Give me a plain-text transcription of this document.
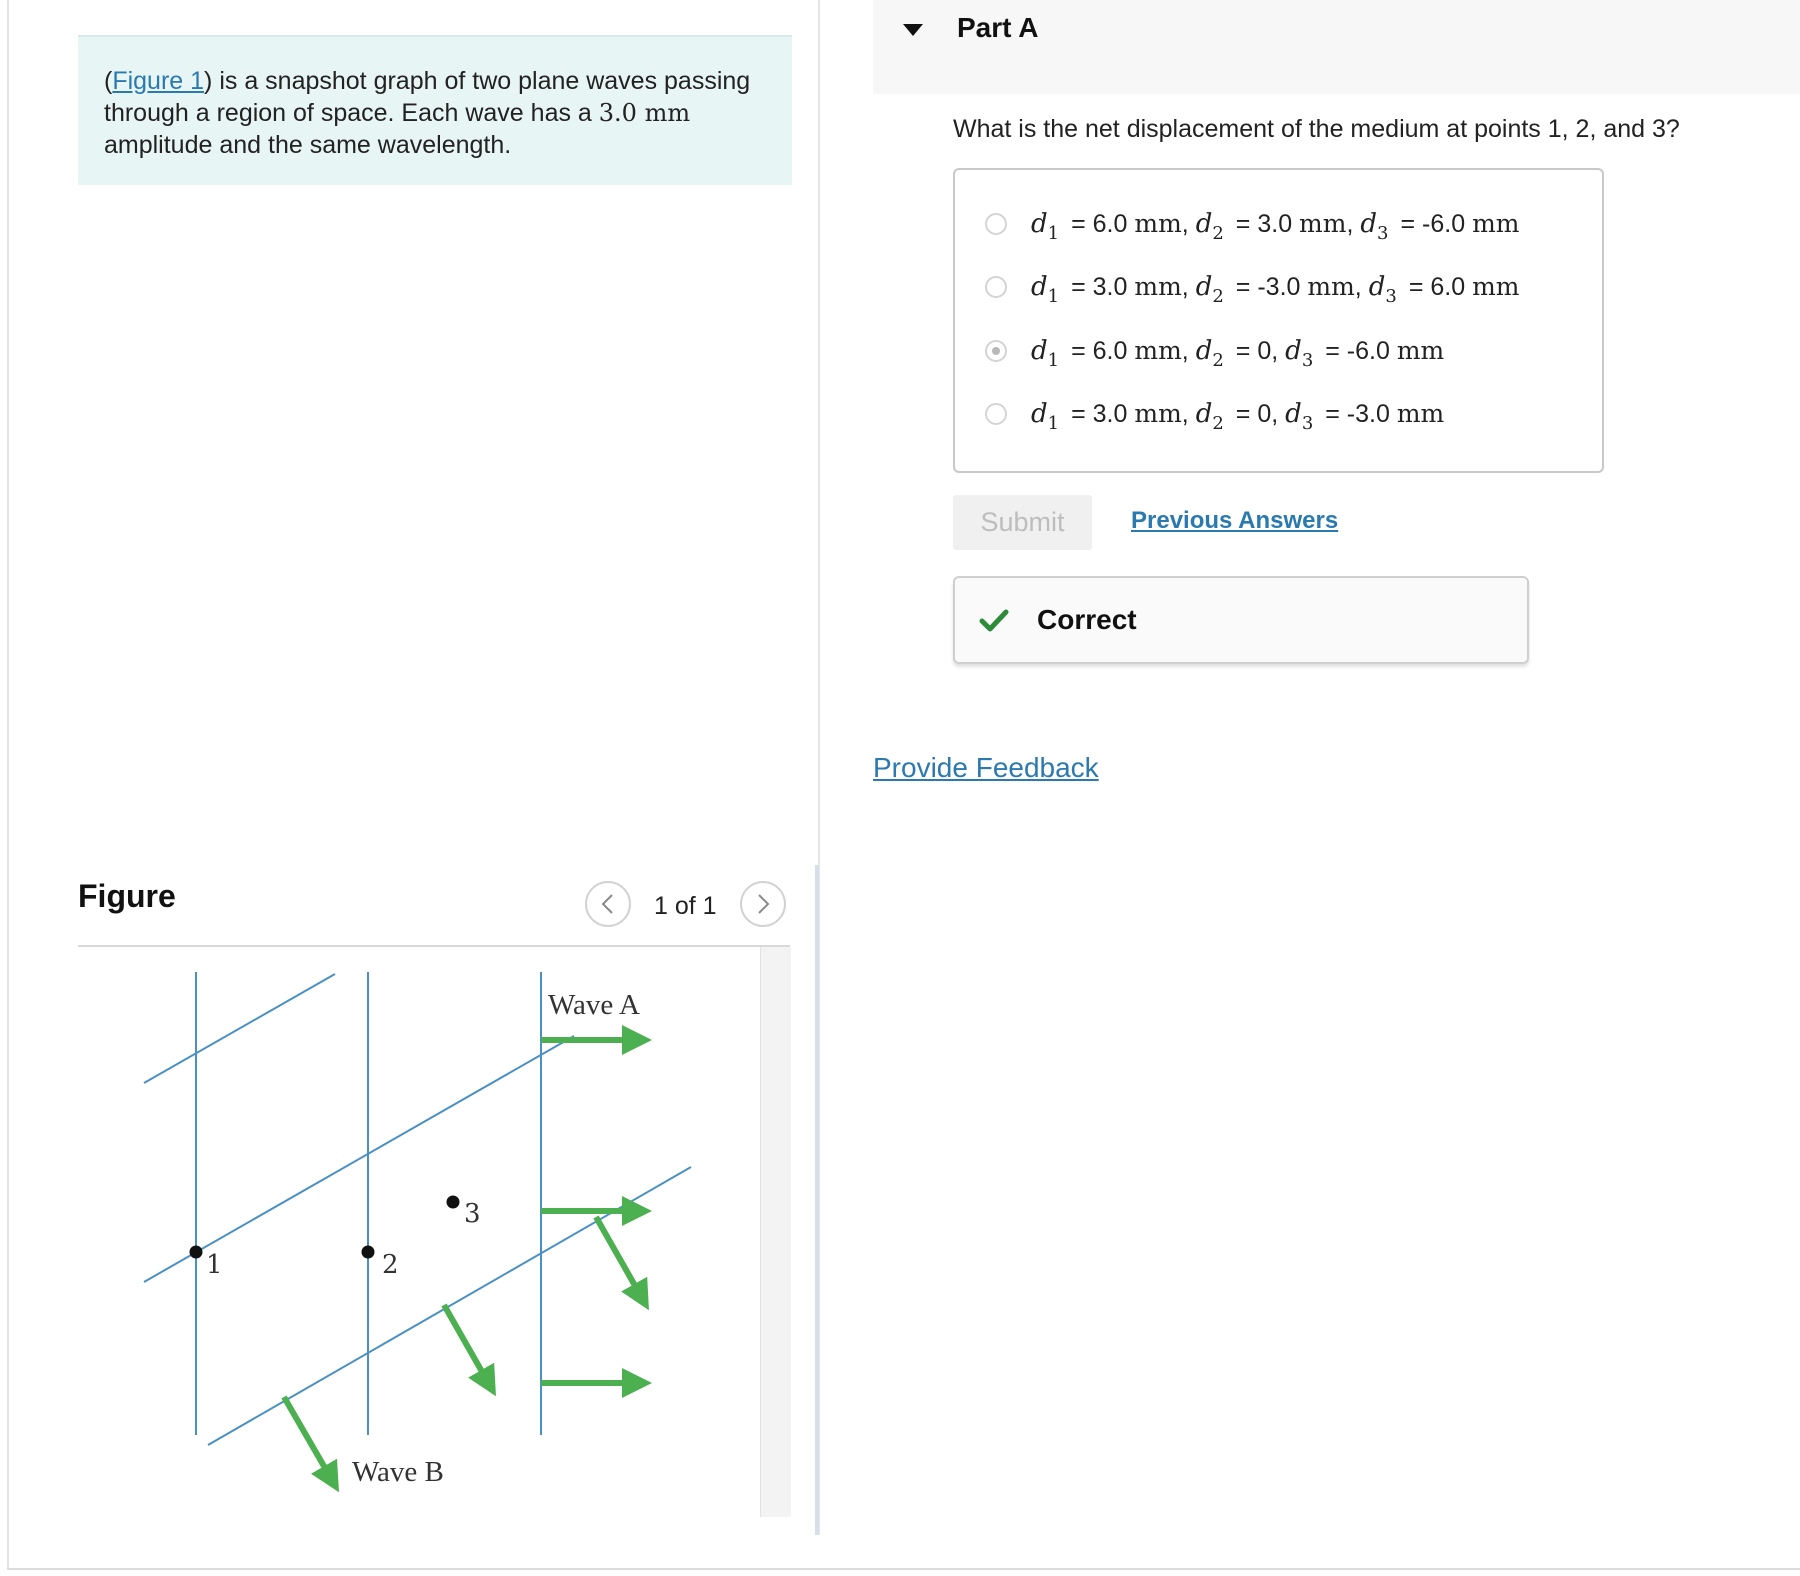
(Figure 1) is a snapshot graph of two plane waves passing through a region of space. Each wave has a 3.0 mm amplitude and the same wavelength.
Figure	1 of 1
1	2
3
Wave A
Wave B
Part A
What is the net displacement of the medium at points 1, 2, and 3?
$d_1 = 6.0$ mm, $d_2 = 3.0$ mm, $d_3 = -6.0$ mm
$d_1 = 3.0$ mm, $d_2 = -3.0$ mm, $d_3 = 6.0$ mm
$d_1 = 6.0$ mm, $d_2 = 0$, $d_3 = -6.0$ mm
$d_1 = 3.0$ mm, $d_2 = 0$, $d_3 = -3.0$ mm
Submit	Previous Answers
Correct
Provide Feedback
